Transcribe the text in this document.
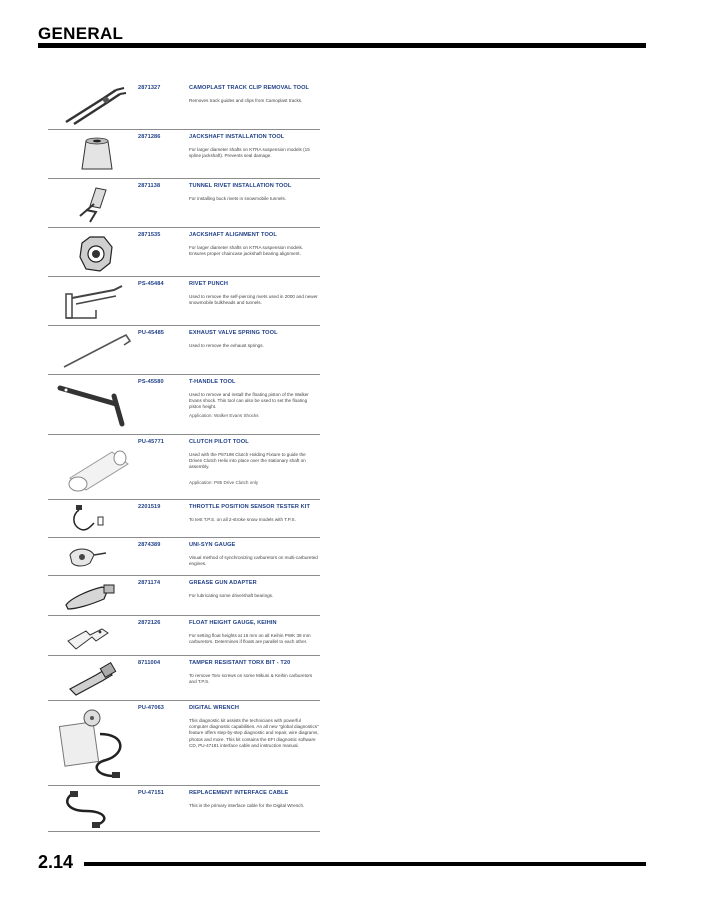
GENERAL
2871327	CAMOPLAST TRACK CLIP REMOVAL TOOL
Removes track guides and clips from Camoplast tracks.
2871286	JACKSHAFT INSTALLATION TOOL
For larger diameter shafts on KTRA suspension models (15 spline jackshaft). Prevents seal damage.
2871138	TUNNEL RIVET INSTALLATION TOOL
For installing buck rivets in snowmobile tunnels.
2871535	JACKSHAFT ALIGNMENT TOOL
For larger diameter shafts on KTRA suspension models. Ensures proper chaincase jackshaft bearing alignment.
PS-45484	RIVET PUNCH
Used to remove the self-piercing rivets used in 2000 and newer snowmobile bulkheads and tunnels.
PU-45485	EXHAUST VALVE SPRING TOOL
Used to remove the exhaust springs.
PS-45580	T-HANDLE TOOL
Used to remove and install the floating piston of the Walker Evans shock. This tool can also be used to set the floating piston height.
Application: Walker Evans Shocks
PU-45771	CLUTCH PILOT TOOL
Used with the P87198 Clutch Holding Fixture to guide the Driven Clutch Helix into place over the stationary shaft on assembly.
Application: P85 Drive Clutch only
2201519	THROTTLE POSITION SENSOR TESTER KIT
To test T.P.S. on all 2-stroke snow models with T.P.S.
2874389	UNI-SYN GAUGE
Visual method of synchronizing carburetors on multi-carbureted engines.
2871174	GREASE GUN ADAPTER
For lubricating some drive/shaft bearings.
2872126	FLOAT HEIGHT GAUGE, KEIHIN
For setting float heights at 16 mm on all Keihin PWK 39 mm carburetors. Determines if floats are parallel to each other.
8711004	TAMPER RESISTANT TORX BIT - T20
To remove Torx screws on some Mikuni & Keihin carburetors and T.P.S.
PU-47063	DIGITAL WRENCH
This diagnostic kit assists the technicians with powerful computer diagnostic capabilities. An all new "global diagnostics" feature offers step-by-step diagnostic and repair, wire diagrams, photos and more. This kit contains the EFI diagnostic software CD, PU-47181 interface cable and instruction manual.
PU-47151	REPLACEMENT INTERFACE CABLE
This is the primary interface cable for the Digital Wrench.
2.14
